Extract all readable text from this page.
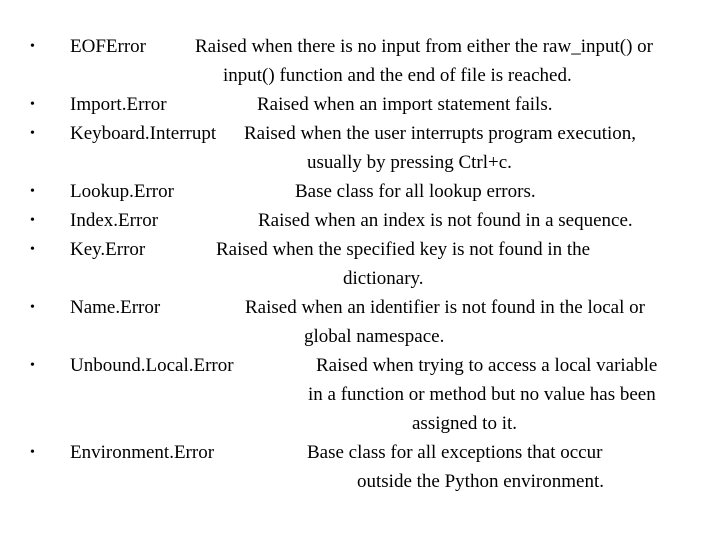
• EOFError	Raised when there is no input from either the raw_input() or
input() function and the end of file is reached.
• Import.Error	Raised when an import statement fails.
• Keyboard.Interrupt Raised when the user interrupts program execution,
usually by pressing Ctrl+c.
• Lookup.Error	Base class for all lookup errors.
• Index.Error	Raised when an index is not found in a sequence.
• Key.Error	Raised when the specified key is not found in the
dictionary.
• Name.Error	Raised when an identifier is not found in the local or
global namespace.
• Unbound.Local.Error	Raised when trying to access a local variable
in a function or method but no value has been
assigned to it.
• Environment.Error	Base class for all exceptions that occur
outside the Python environment.
